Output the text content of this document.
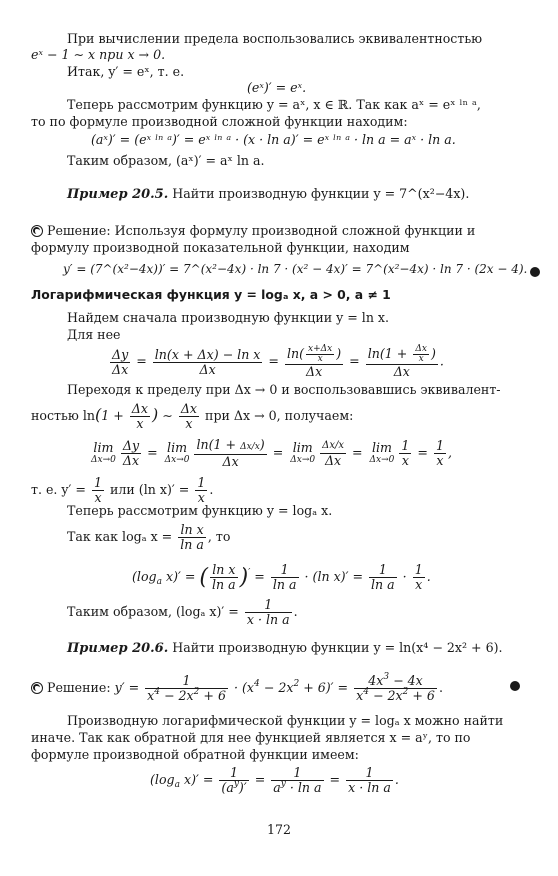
При вычислении предела воспользовались эквивалентностью
eˣ − 1 ∼ x при x → 0.
Итак, y′ = eˣ, т. е.
(eˣ)′ = eˣ.
Теперь рассмотрим функцию y = aˣ, x ∈ ℝ. Так как aˣ = eˣ ˡⁿ ᵃ,
то по формуле производной сложной функции находим:
(aˣ)′ = (eˣ ˡⁿ ᵃ)′ = eˣ ˡⁿ ᵃ · (x · ln a)′ = eˣ ˡⁿ ᵃ · ln a = aˣ · ln a.
Таким образом, (aˣ)′ = aˣ ln a.
Пример 20.5. Найти производную функции y = 7^(x²−4x).
Решение: Используя формулу производной сложной функции и
формулу производной показательной функции, находим
y′ = (7^(x²−4x))′ = 7^(x²−4x) · ln 7 · (x² − 4x)′ = 7^(x²−4x) · ln 7 · (2x − 4).
Логарифмическая функция y = logₐ x, a > 0, a ≠ 1
Найдем сначала производную функции y = ln x.
Для нее
$\frac{\Delta y}{\Delta x} = \frac{\text{ln(x + Δx) − ln x}}{\Delta x} = \frac{\ln( \frac{x+\Delta x}{x} )}{\Delta x} = \frac{\ln(1 + \frac{\Delta x}{x} )}{\Delta x}$ .
Переходя к пределу при Δx → 0 и воспользовавшись эквивалент-
ностью $\ln(1 + \frac{\Delta x}{x}$ ) ∼ $\frac{\Delta x}{x}$ при Δx → 0, получаем:
lim
$\Delta x\to 0 \frac{\Delta y}{\Delta x} = \lim$
$\Delta x\to 0 \frac{\ln(1 + \Delta x/x)}{\Delta x} = \lim$
$\Delta x\to 0 \frac{\Delta x/x}{\Delta x} = \lim$
$\Delta x\to 0 \frac{1}{x} = \frac{1}{x}$ ,
т. е. $y' = \frac{1}{x}$ или (ln $x)' = \frac{1}{x}$ .
Теперь рассмотрим функцию y = logₐ x.
Так как logₐ $x = \frac{\text{ln x}}{\text{ln a}}$ , то
($\log_a$ x)′ = ( $\frac{\text{ln x}}{\text{ln a}} )' = \frac{1}{\text{ln a}} \cdot (\ln$ $x)' = \frac{1}{\text{ln a}} \cdot \frac{1}{x}$ .
Таким образом, (logₐ $x)' = \frac{1}{\text{x · ln a}}$ .
Пример 20.6. Найти производную функции y = ln(x⁴ − 2x² + 6).
Решение: $y' = \frac{1}{x^4 - 2x^2 + 6} \cdot (x^4 - 2x^2 + 6)' = \frac{4x^3 - 4x}{x^4 - 2x^2 + 6}$ .
Производную логарифмической функции y = logₐ x можно найти
иначе. Так как обратной для нее функцией является x = aʸ, то по
формуле производной обратной функции имеем:
($\log_a$ $x)' = \frac{1}{(a^y)'} = \frac{1}{a^y \cdot \ln a} = \frac{1}{\text{x · ln a}}$ .
172
